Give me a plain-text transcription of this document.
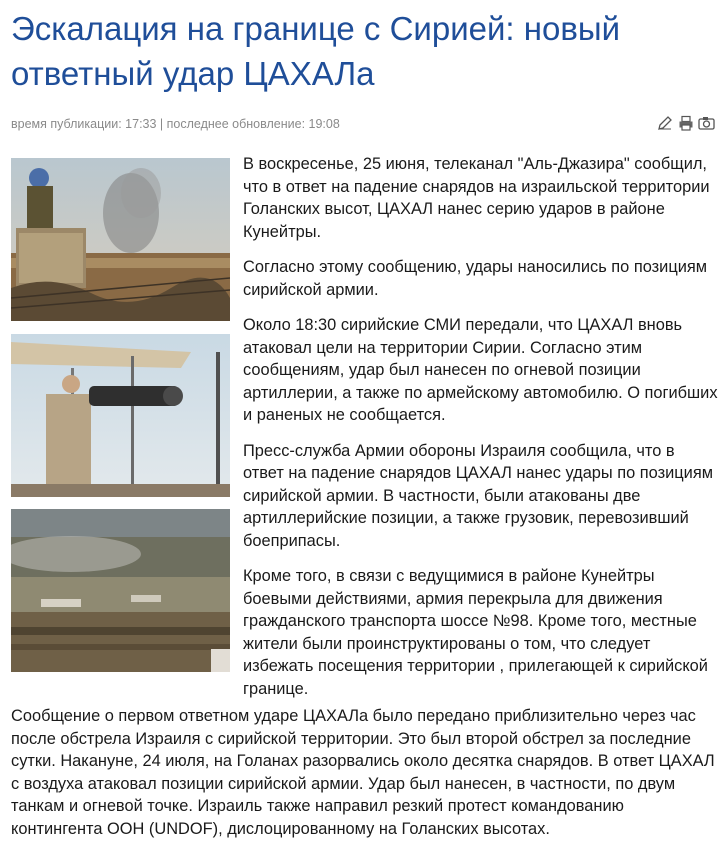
Эскалация на границе с Сирией: новый ответный удар ЦАХАЛа
время публикации: 17:33 | последнее обновление: 19:08

В воскресенье, 25 июня, телеканал "Аль-Джазира" сообщил, что в ответ на падение снарядов на израильской территории Голанских высот, ЦАХАЛ нанес серию ударов в районе Кунейтры.

Согласно этому сообщению, удары наносились по позициям сирийской армии.

Около 18:30 сирийские СМИ передали, что ЦАХАЛ вновь атаковал цели на территории Сирии. Согласно этим сообщениям, удар был нанесен по огневой позиции артиллерии, а также по армейскому автомобилю. О погибших и раненых не сообщается.

Пресс-служба Армии обороны Израиля сообщила, что в ответ на падение снарядов ЦАХАЛ нанес удары по позициям сирийской армии. В частности, были атакованы две артиллерийские позиции, а также грузовик, перевозивший боеприпасы.

Кроме того, в связи с ведущимися в районе Кунейтры боевыми действиями, армия перекрыла для движения гражданского транспорта шоссе №98. Кроме того, местные жители были проинструктированы о том, что следует избежать посещения территории , прилегающей к сирийской границе.

Сообщение о первом ответном ударе ЦАХАЛа было передано приблизительно через час после обстрела Израиля с сирийской территории. Это был второй обстрел за последние сутки. Накануне, 24 июля, на Голанах разорвались около десятка снарядов. В ответ ЦАХАЛ с воздуха атаковал позиции сирийской армии. Удар был нанесен, в частности, по двум танкам и огневой точке. Израиль также направил резкий протест командованию контингента ООН (UNDOF), дислоцированному на Голанских высотах.
